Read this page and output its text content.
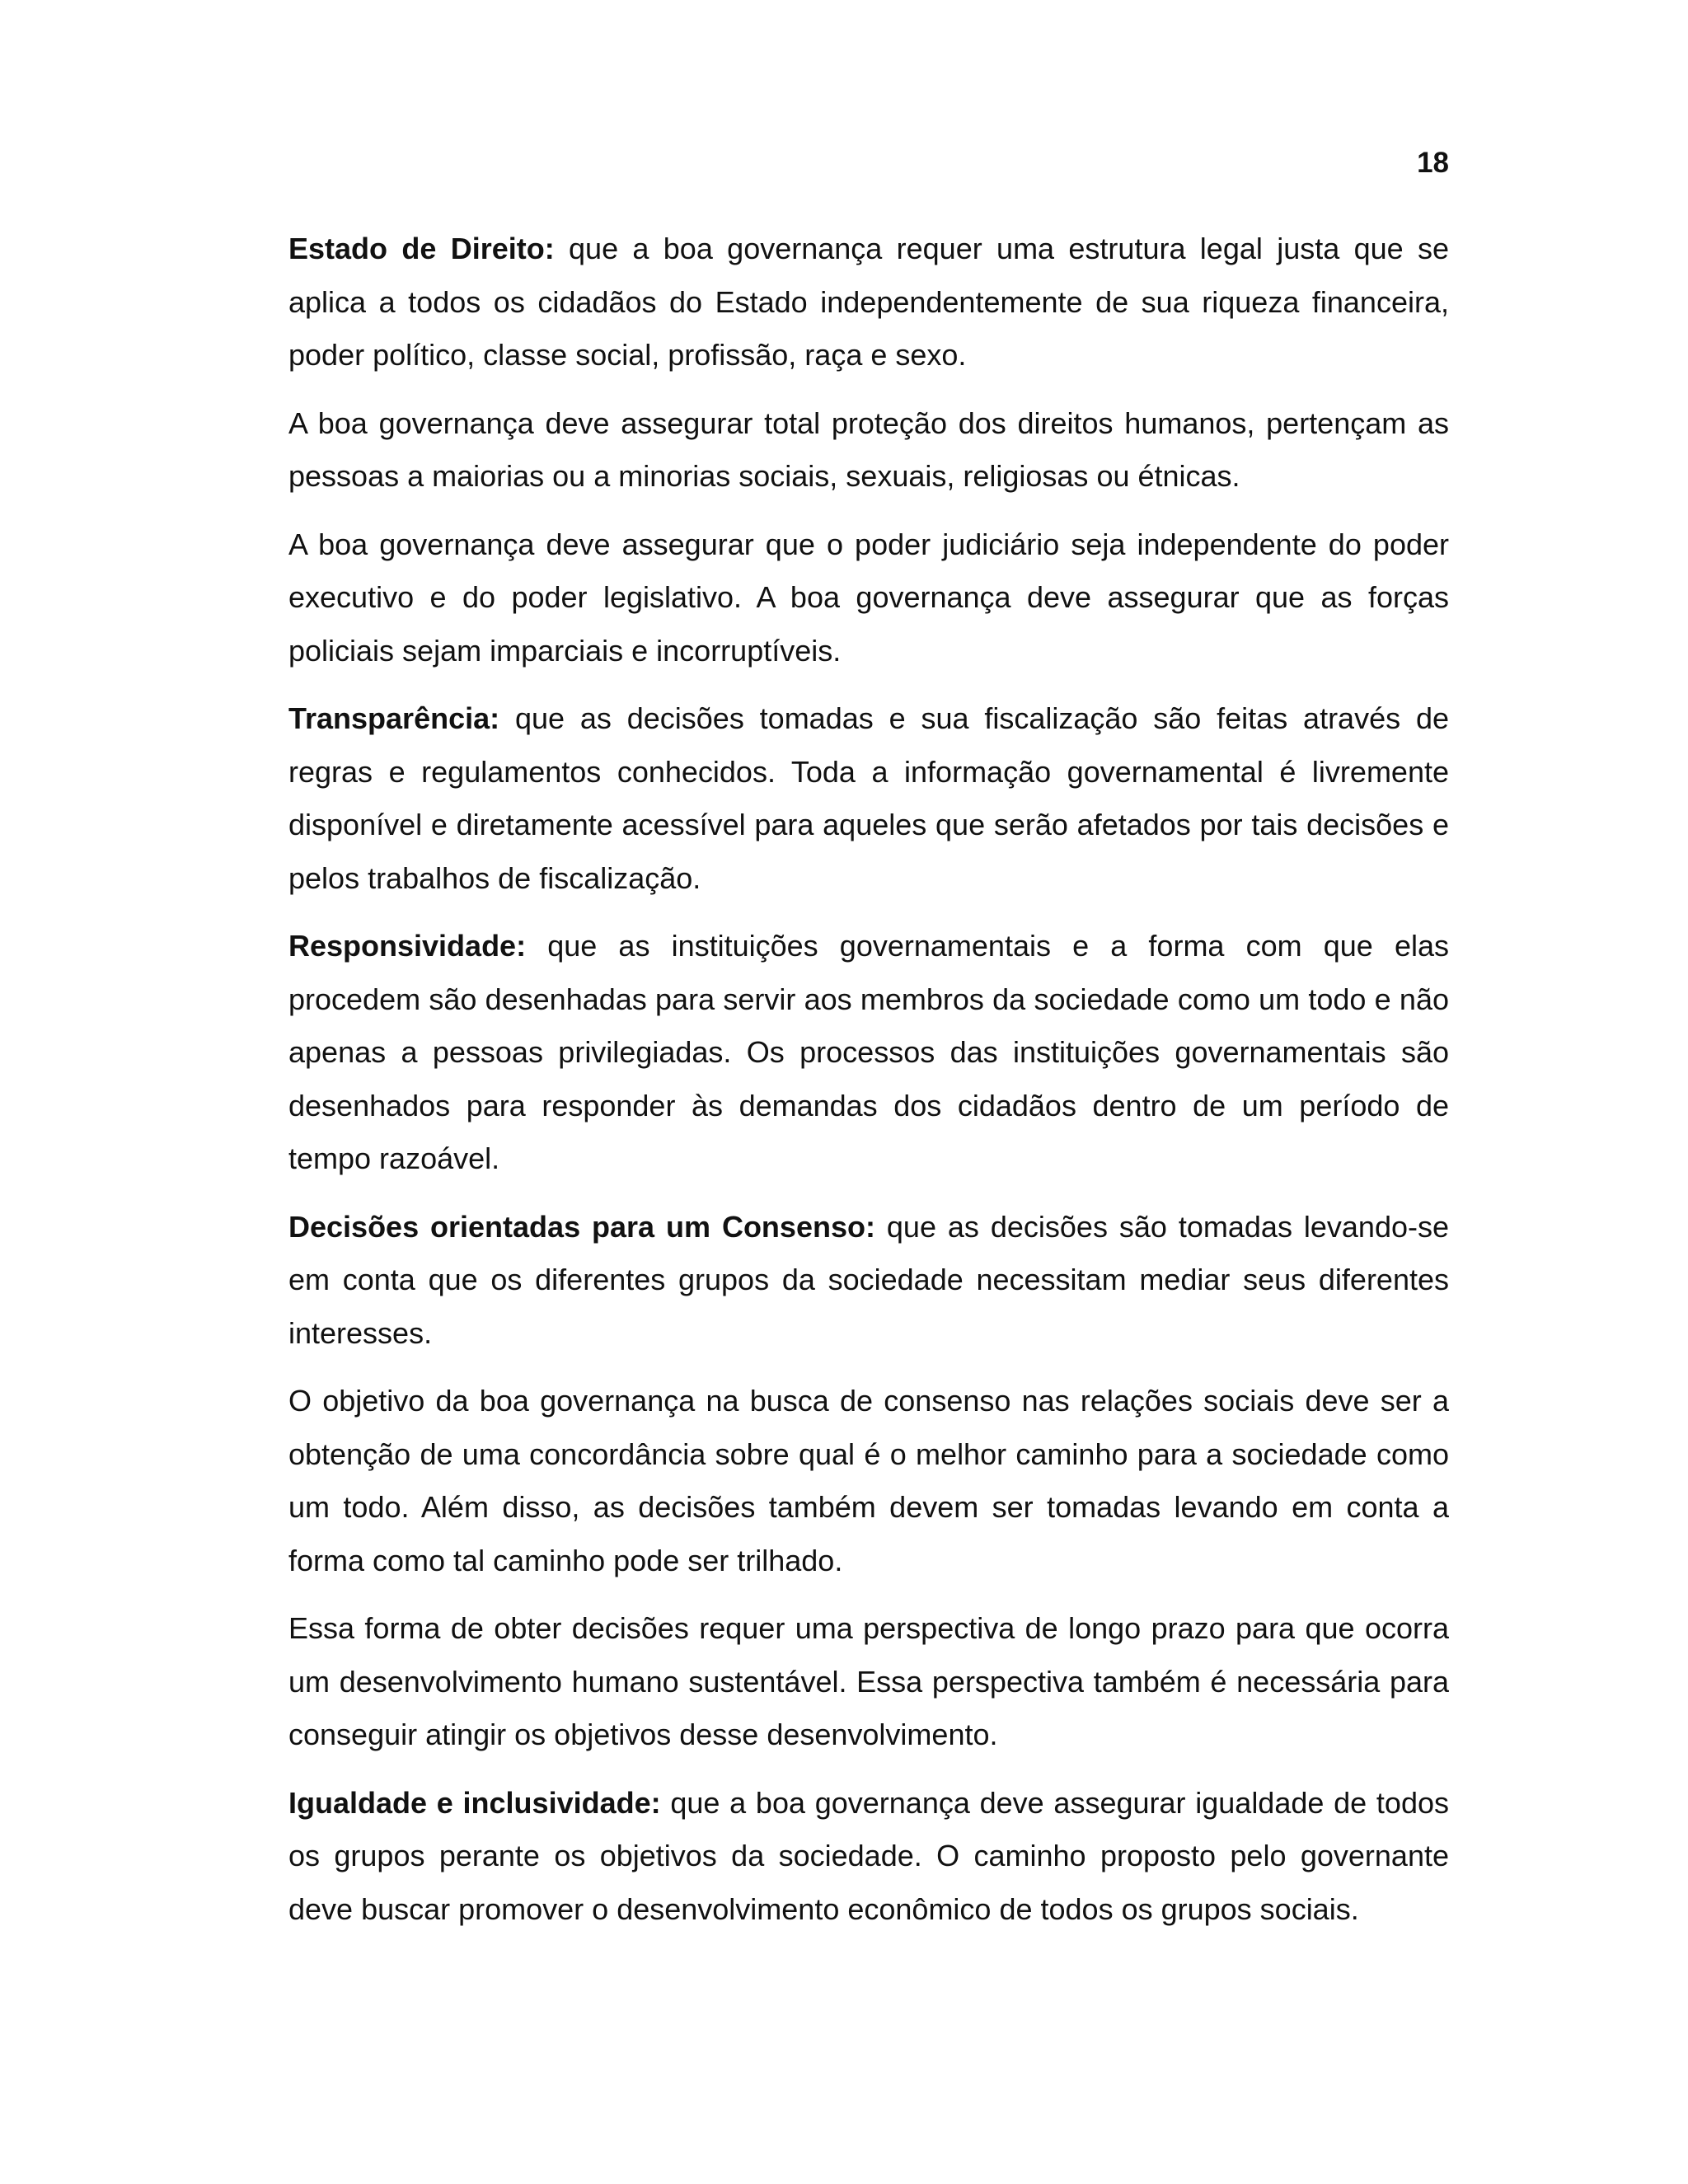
18

Estado de Direito: que a boa governança requer uma estrutura legal justa que se aplica a todos os cidadãos do Estado independentemente de sua riqueza financeira, poder político, classe social, profissão, raça e sexo.

A boa governança deve assegurar total proteção dos direitos humanos, pertençam as pessoas a maiorias ou a minorias sociais, sexuais, religiosas ou étnicas.

A boa governança deve assegurar que o poder judiciário seja independente do poder executivo e do poder legislativo. A boa governança deve assegurar que as forças policiais sejam imparciais e incorruptíveis.

Transparência: que as decisões tomadas e sua fiscalização são feitas através de regras e regulamentos conhecidos. Toda a informação governamental é livremente disponível e diretamente acessível para aqueles que serão afetados por tais decisões e pelos trabalhos de fiscalização.

Responsividade: que as instituições governamentais e a forma com que elas procedem são desenhadas para servir aos membros da sociedade como um todo e não apenas a pessoas privilegiadas. Os processos das instituições governamentais são desenhados para responder às demandas dos cidadãos dentro de um período de tempo razoável.

Decisões orientadas para um Consenso: que as decisões são tomadas levando-se em conta que os diferentes grupos da sociedade necessitam mediar seus diferentes interesses.

O objetivo da boa governança na busca de consenso nas relações sociais deve ser a obtenção de uma concordância sobre qual é o melhor caminho para a sociedade como um todo. Além disso, as decisões também devem ser tomadas levando em conta a forma como tal caminho pode ser trilhado.

Essa forma de obter decisões requer uma perspectiva de longo prazo para que ocorra um desenvolvimento humano sustentável. Essa perspectiva também é necessária para conseguir atingir os objetivos desse desenvolvimento.

Igualdade e inclusividade: que a boa governança deve assegurar igualdade de todos os grupos perante os objetivos da sociedade. O caminho proposto pelo governante deve buscar promover o desenvolvimento econômico de todos os grupos sociais.
